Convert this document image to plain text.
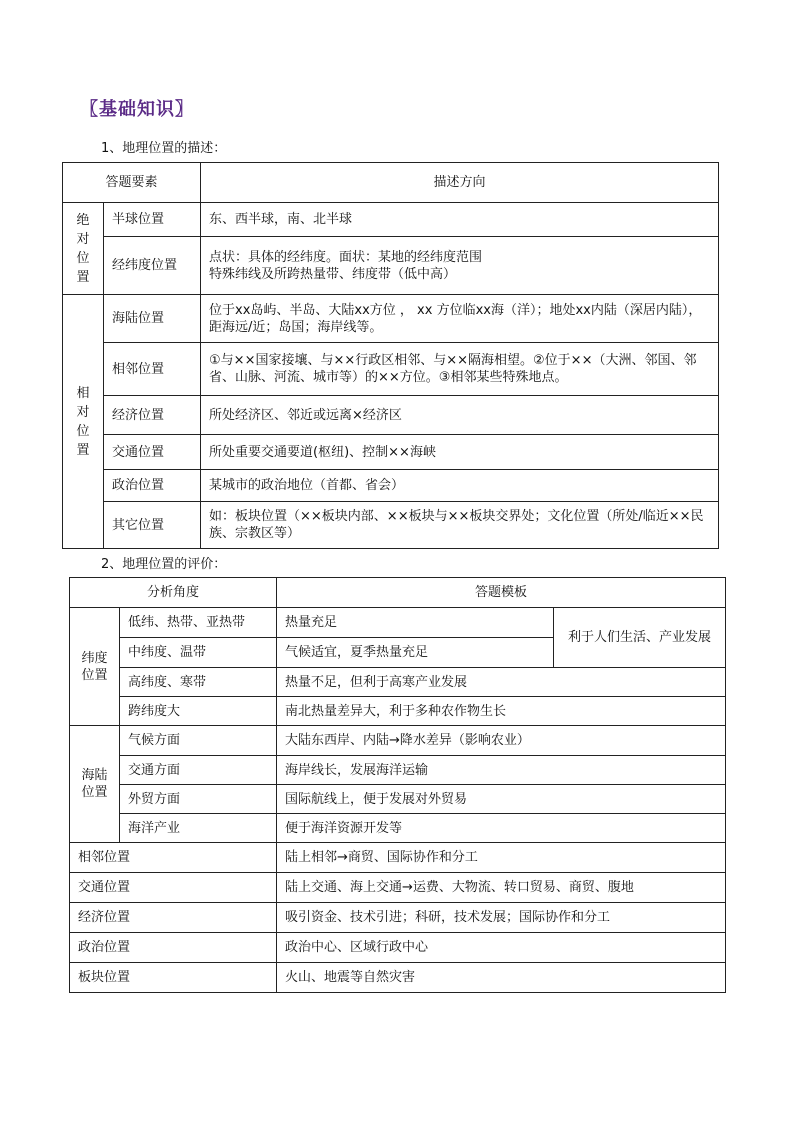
〖基础知识〗
1、地理位置的描述：
答题要素		描述方向
绝
对
位
置	半球位置	东、西半球，南、北半球
	经纬度位置	点状：具体的经纬度。面状：某地的经纬度范围
特殊纬线及所跨热量带、纬度带（低中高）

相
对
位
置	海陆位置	位于xx岛屿、半岛、大陆xx方位 ， xx 方位临xx海（洋）；地处xx内陆（深居内陆），距海远/近；岛国；海岸线等。
	相邻位置	①与××国家接壤、与××行政区相邻、与××隔海相望。②位于××（大洲、邻国、邻省、山脉、河流、城市等）的××方位。③相邻某些特殊地点。
	经济位置	所处经济区、邻近或远离×经济区
	交通位置	所处重要交通要道(枢纽)、控制××海峡
	政治位置	某城市的政治地位（首都、省会）
	其它位置	如：板块位置（××板块内部、××板块与××板块交界处；文化位置（所处/临近××民族、宗教区等）
2、地理位置的评价：
分析角度		答题模板	
纬度
位置	低纬、热带、亚热带	热量充足	利于人们生活、产业发展
	中纬度、温带	气候适宜，夏季热量充足	
	高纬度、寒带	热量不足，但利于高寒产业发展	
	跨纬度大	南北热量差异大，利于多种农作物生长	
海陆
位置	气候方面	大陆东西岸、内陆→降水差异（影响农业）	
	交通方面	海岸线长，发展海洋运输	
	外贸方面	国际航线上，便于发展对外贸易	
	海洋产业	便于海洋资源开发等	
相邻位置		陆上相邻→商贸、国际协作和分工	
交通位置		陆上交通、海上交通→运费、大物流、转口贸易、商贸、腹地	
经济位置		吸引资金、技术引进；科研，技术发展；国际协作和分工	
政治位置		政治中心、区域行政中心	
板块位置		火山、地震等自然灾害	
